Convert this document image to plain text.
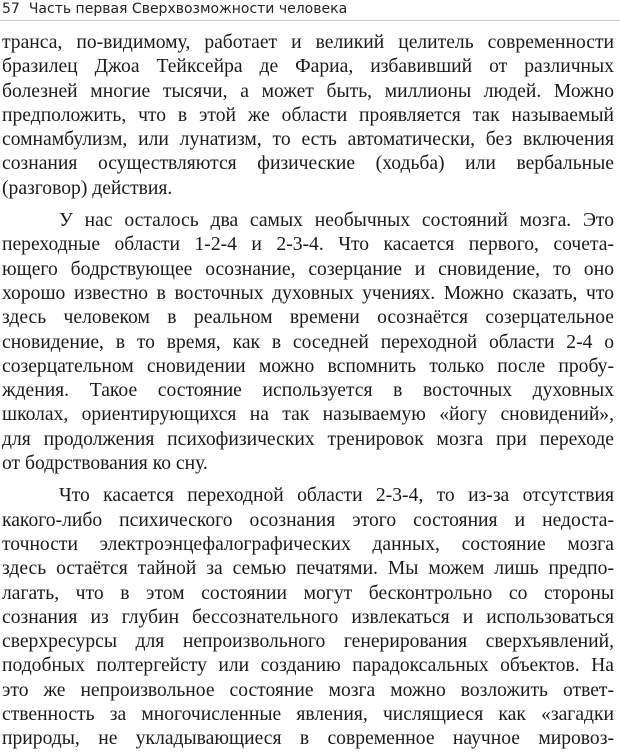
57 Часть первая Сверхвозможности человека
транса, по-видимому, работает и великий целитель современности
бразилец Джоа Тейксейра де Фариа, избавивший от различных
болезней многие тысячи, а может быть, миллионы людей. Можно
предположить, что в этой же области проявляется так называемый
сомнамбулизм, или лунатизм, то есть автоматически, без включения
сознания осуществляются физические (ходьба) или вербальные
(разговор) действия.
У нас осталось два самых необычных состояний мозга. Это
переходные области 1-2-4 и 2-3-4. Что касается первого, сочета-
ющего бодрствующее осознание, созерцание и сновидение, то оно
хорошо известно в восточных духовных учениях. Можно сказать, что
здесь человеком в реальном времени осознаётся созерцательное
сновидение, в то время, как в соседней переходной области 2-4 о
созерцательном сновидении можно вспомнить только после пробу-
ждения. Такое состояние используется в восточных духовных
школах, ориентирующихся на так называемую «йогу сновидений»,
для продолжения психофизических тренировок мозга при переходе
от бодрствования ко сну.
Что касается переходной области 2-3-4, то из-за отсутствия
какого-либо психического осознания этого состояния и недоста-
точности электроэнцефалографических данных, состояние мозга
здесь остаётся тайной за семью печатями. Мы можем лишь предпо-
лагать, что в этом состоянии могут бесконтрольно со стороны
сознания из глубин бессознательного извлекаться и использоваться
сверхресурсы для непроизвольного генерирования сверхъявлений,
подобных полтергейсту или созданию парадоксальных объектов. На
это же непроизвольное состояние мозга можно возложить ответ-
ственность за многочисленные явления, числящиеся как «загадки
природы, не укладывающиеся в современное научное мировоз-
